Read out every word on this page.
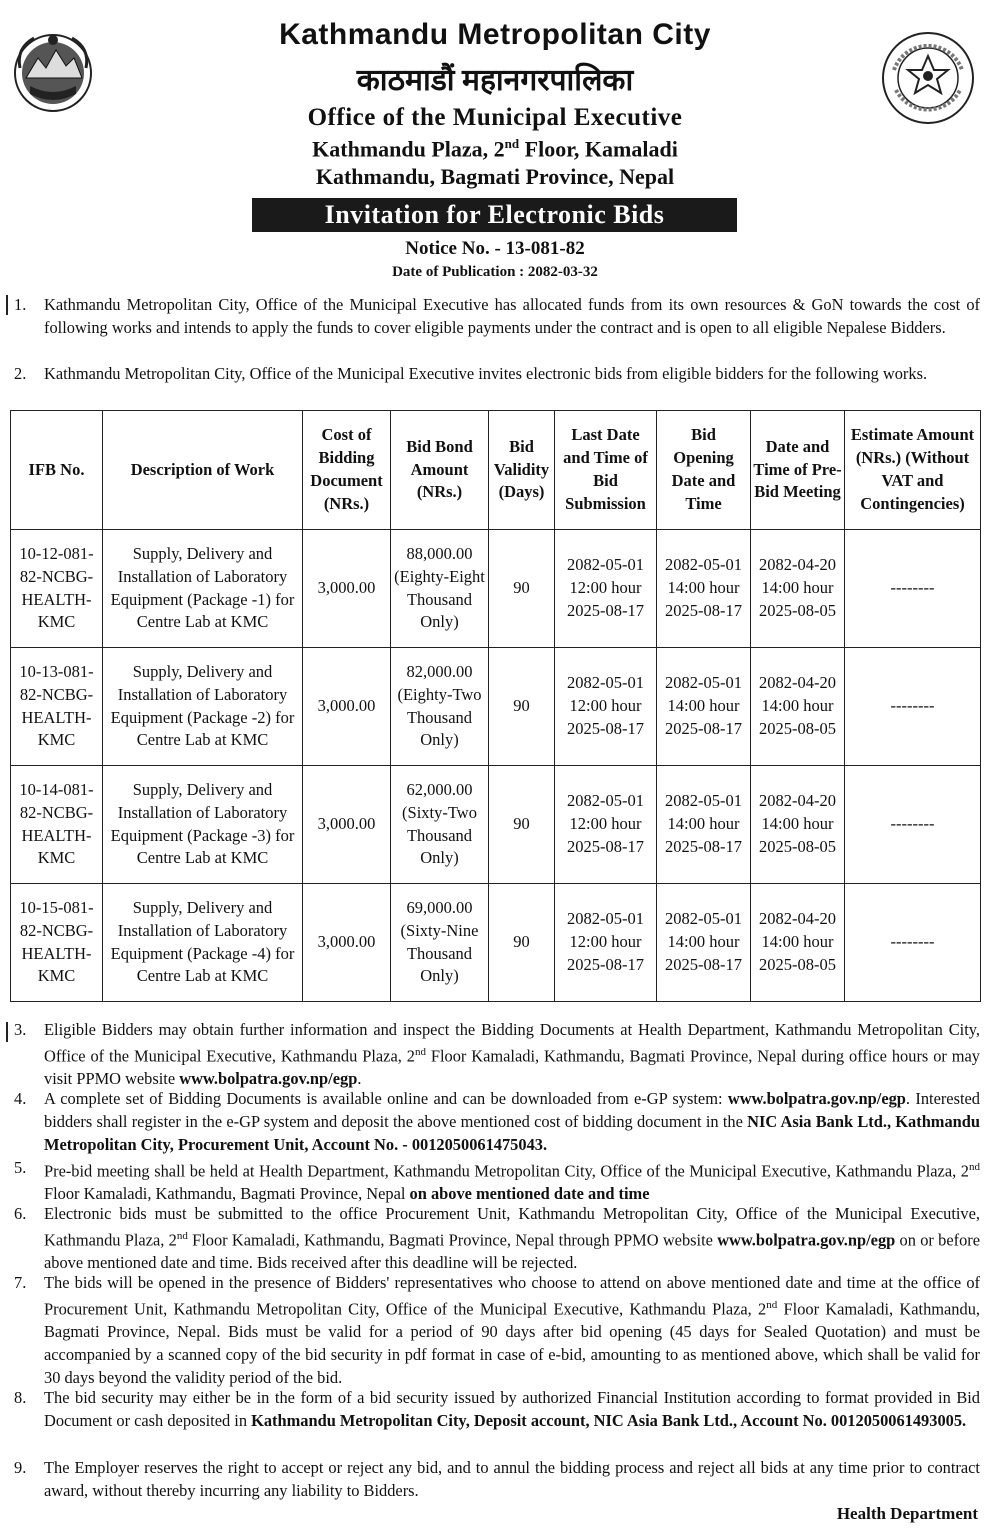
Kathmandu Metropolitan City
काठमाडौं महानगरपालिका
Office of the Municipal Executive
Kathmandu Plaza, 2nd Floor, Kamaladi
Kathmandu, Bagmati Province, Nepal
Invitation for Electronic Bids
Notice No. - 13-081-82
Date of Publication : 2082-03-32
1.	Kathmandu Metropolitan City, Office of the Municipal Executive has allocated funds from its own resources & GoN towards the cost of following works and intends to apply the funds to cover eligible payments under the contract and is open to all eligible Nepalese Bidders.
2.	Kathmandu Metropolitan City, Office of the Municipal Executive invites electronic bids from eligible bidders for the following works.
IFB No.	Description of Work	Cost of Bidding Document (NRs.)	Bid Bond Amount (NRs.)	Bid Validity (Days)	Last Date and Time of Bid Submission	Bid Opening Date and Time	Date and Time of Pre-Bid Meeting	Estimate Amount (NRs.) (Without VAT and Contingencies)
10-12-081-82-NCBG-HEALTH-KMC	Supply, Delivery and Installation of Laboratory Equipment (Package -1) for Centre Lab at KMC	3,000.00	88,000.00 (Eighty-Eight Thousand Only)	90	2082-05-01 12:00 hour 2025-08-17	2082-05-01 14:00 hour 2025-08-17	2082-04-20 14:00 hour 2025-08-05	--------
10-13-081-82-NCBG-HEALTH-KMC	Supply, Delivery and Installation of Laboratory Equipment (Package -2) for Centre Lab at KMC	3,000.00	82,000.00 (Eighty-Two Thousand Only)	90	2082-05-01 12:00 hour 2025-08-17	2082-05-01 14:00 hour 2025-08-17	2082-04-20 14:00 hour 2025-08-05	--------
10-14-081-82-NCBG-HEALTH-KMC	Supply, Delivery and Installation of Laboratory Equipment (Package -3) for Centre Lab at KMC	3,000.00	62,000.00 (Sixty-Two Thousand Only)	90	2082-05-01 12:00 hour 2025-08-17	2082-05-01 14:00 hour 2025-08-17	2082-04-20 14:00 hour 2025-08-05	--------
10-15-081-82-NCBG-HEALTH-KMC	Supply, Delivery and Installation of Laboratory Equipment (Package -4) for Centre Lab at KMC	3,000.00	69,000.00 (Sixty-Nine Thousand Only)	90	2082-05-01 12:00 hour 2025-08-17	2082-05-01 14:00 hour 2025-08-17	2082-04-20 14:00 hour 2025-08-05	--------
3.	Eligible Bidders may obtain further information and inspect the Bidding Documents at Health Department, Kathmandu Metropolitan City, Office of the Municipal Executive, Kathmandu Plaza, 2nd Floor Kamaladi, Kathmandu, Bagmati Province, Nepal during office hours or may visit PPMO website www.bolpatra.gov.np/egp.
4.	A complete set of Bidding Documents is available online and can be downloaded from e-GP system: www.bolpatra.gov.np/egp. Interested bidders shall register in the e-GP system and deposit the above mentioned cost of bidding document in the NIC Asia Bank Ltd., Kathmandu Metropolitan City, Procurement Unit, Account No. - 0012050061475043.
5.	Pre-bid meeting shall be held at Health Department, Kathmandu Metropolitan City, Office of the Municipal Executive, Kathmandu Plaza, 2nd Floor Kamaladi, Kathmandu, Bagmati Province, Nepal on above mentioned date and time
6.	Electronic bids must be submitted to the office Procurement Unit, Kathmandu Metropolitan City, Office of the Municipal Executive, Kathmandu Plaza, 2nd Floor Kamaladi, Kathmandu, Bagmati Province, Nepal through PPMO website www.bolpatra.gov.np/egp on or before above mentioned date and time. Bids received after this deadline will be rejected.
7.	The bids will be opened in the presence of Bidders' representatives who choose to attend on above mentioned date and time at the office of Procurement Unit, Kathmandu Metropolitan City, Office of the Municipal Executive, Kathmandu Plaza, 2nd Floor Kamaladi, Kathmandu, Bagmati Province, Nepal. Bids must be valid for a period of 90 days after bid opening (45 days for Sealed Quotation) and must be accompanied by a scanned copy of the bid security in pdf format in case of e-bid, amounting to as mentioned above, which shall be valid for 30 days beyond the validity period of the bid.
8.	The bid security may either be in the form of a bid security issued by authorized Financial Institution according to format provided in Bid Document or cash deposited in Kathmandu Metropolitan City, Deposit account, NIC Asia Bank Ltd., Account No. 0012050061493005.
9.	The Employer reserves the right to accept or reject any bid, and to annul the bidding process and reject all bids at any time prior to contract award, without thereby incurring any liability to Bidders.
Health Department
